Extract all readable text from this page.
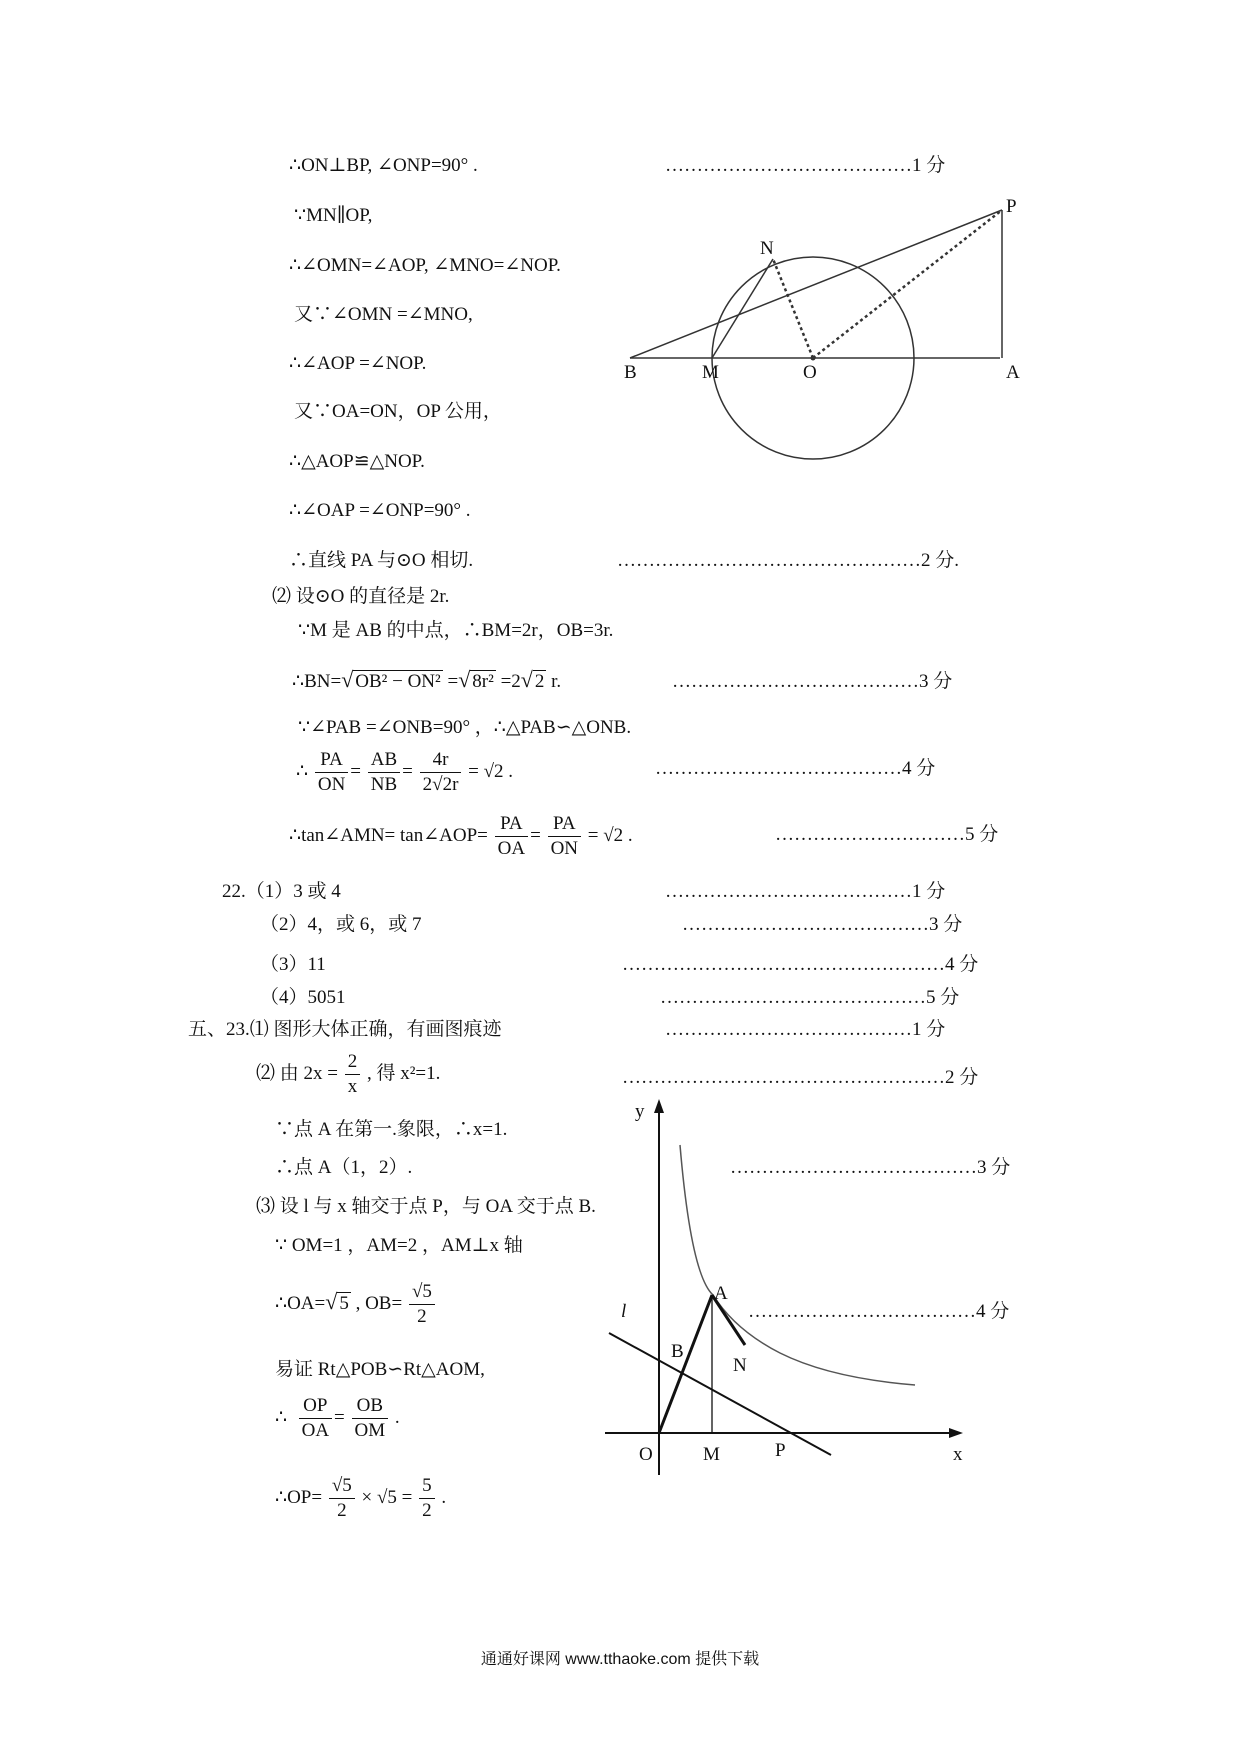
∴ON⊥BP, ∠ONP=90° .	…………………………………1 分
∵MN∥OP,
∴∠OMN=∠AOP, ∠MNO=∠NOP.
又∵∠OMN =∠MNO,
∴∠AOP =∠NOP.
又∵OA=ON，OP 公用，
∴△AOP≌△NOP.
∴∠OAP =∠ONP=90° .
∴直线 PA 与⊙O 相切.	…………………………………………2 分.
B	M	O	A
N
P
⑵ 设⊙O 的直径是 2r.
∵M 是 AB 的中点，∴BM=2r，OB=3r.
∴BN=√ OB² − ON² =√ 8r² =2√ 2 r.	…………………………………3 分
∵∠PAB =∠ONB=90° ，∴△PAB∽△ONB.
∴ $\frac{PA}{ON} = \frac{AB}{NB} = \frac{4r}{2√2r} = √2$ .	…………………………………4 分
∴tan∠AMN= tan∠AOP= $\frac{PA}{OA} = \frac{PA}{ON} = √2$ .	…………………………5 分
22.（1）3 或 4	…………………………………1 分
（2）4，或 6，或 7	…………………………………3 分
（3）11	……………………………………………4 分
（4）5051	……………………………………5 分
五、23.⑴ 图形大体正确，有画图痕迹	…………………………………1 分
⑵ 由 $2x = \frac{2}{x}$ , 得 x²=1.	……………………………………………2 分
∵点 A 在第一.象限，∴x=1.
∴点 A（1，2）.	…………………………………3 分
⑶ 设 l 与 x 轴交于点 P，与 OA 交于点 B.
∵ OM=1 ，AM=2 ，AM⊥x 轴
∴OA=√ 5 , $OB= \frac{√5}{2}$	………………………………4 分
易证 Rt△POB∽Rt△AOM,
∴ $\frac{OP}{OA} = \frac{OB}{OM}$ .
∴OP= $\frac{√5}{2} \times √5 = \frac{5}{2}$ .
y
x
O	M	P
A
B
N
l
通通好课网 www.tthaoke.com 提供下载
